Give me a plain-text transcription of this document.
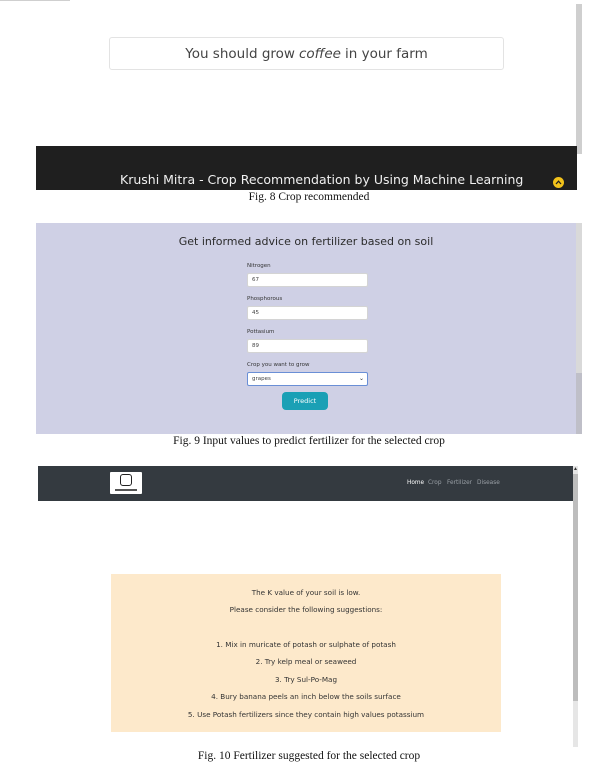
You should grow coffee in your farm
Krushi Mitra - Crop Recommendation by Using Machine Learning
Fig. 8 Crop recommended
Get informed advice on fertilizer based on soil
Nitrogen
67
Phosphorous
45
Pottasium
89
Crop you want to grow
grapes	⌄
Predict
Fig. 9 Input values to predict fertilizer for the selected crop
▲
Home Crop Fertilizer Disease
The K value of your soil is low.
Please consider the following suggestions:
1. Mix in muricate of potash or sulphate of potash
2. Try kelp meal or seaweed
3. Try Sul-Po-Mag
4. Bury banana peels an inch below the soils surface
5. Use Potash fertilizers since they contain high values potassium
Fig. 10 Fertilizer suggested for the selected crop
